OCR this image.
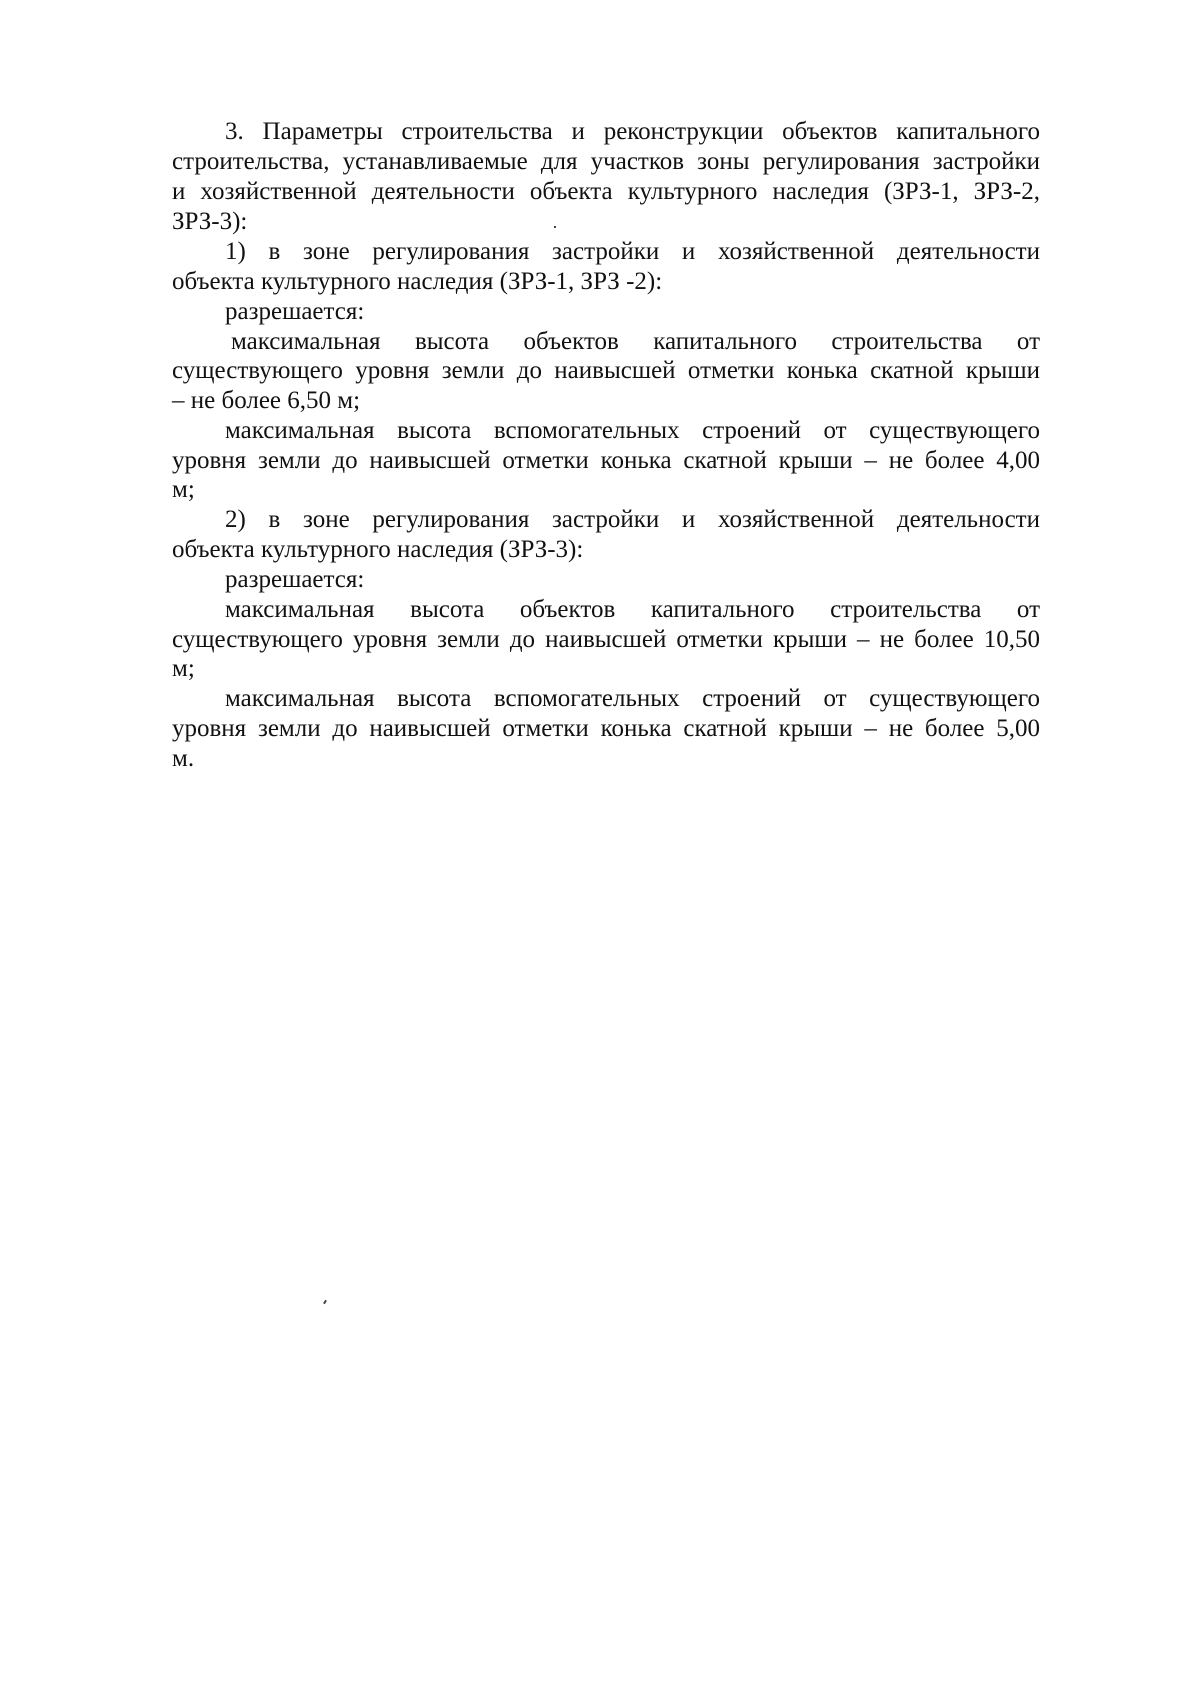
3. Параметры строительства и реконструкции объектов капитального
строительства, устанавливаемые для участков зоны регулирования застройки
и хозяйственной деятельности объекта культурного наследия (ЗРЗ-1, ЗРЗ-2,
ЗРЗ-3):
1) в зоне регулирования застройки и хозяйственной деятельности
объекта культурного наследия (ЗРЗ-1, ЗРЗ -2):
разрешается:
максимальная высота объектов капитального строительства от
существующего уровня земли до наивысшей отметки конька скатной крыши
– не более 6,50 м;
максимальная высота вспомогательных строений от существующего
уровня земли до наивысшей отметки конька скатной крыши – не более 4,00
м;
2) в зоне регулирования застройки и хозяйственной деятельности
объекта культурного наследия (ЗРЗ-3):
разрешается:
максимальная высота объектов капитального строительства от
существующего уровня земли до наивысшей отметки крыши – не более 10,50
м;
максимальная высота вспомогательных строений от существующего
уровня земли до наивысшей отметки конька скатной крыши – не более 5,00
м.
